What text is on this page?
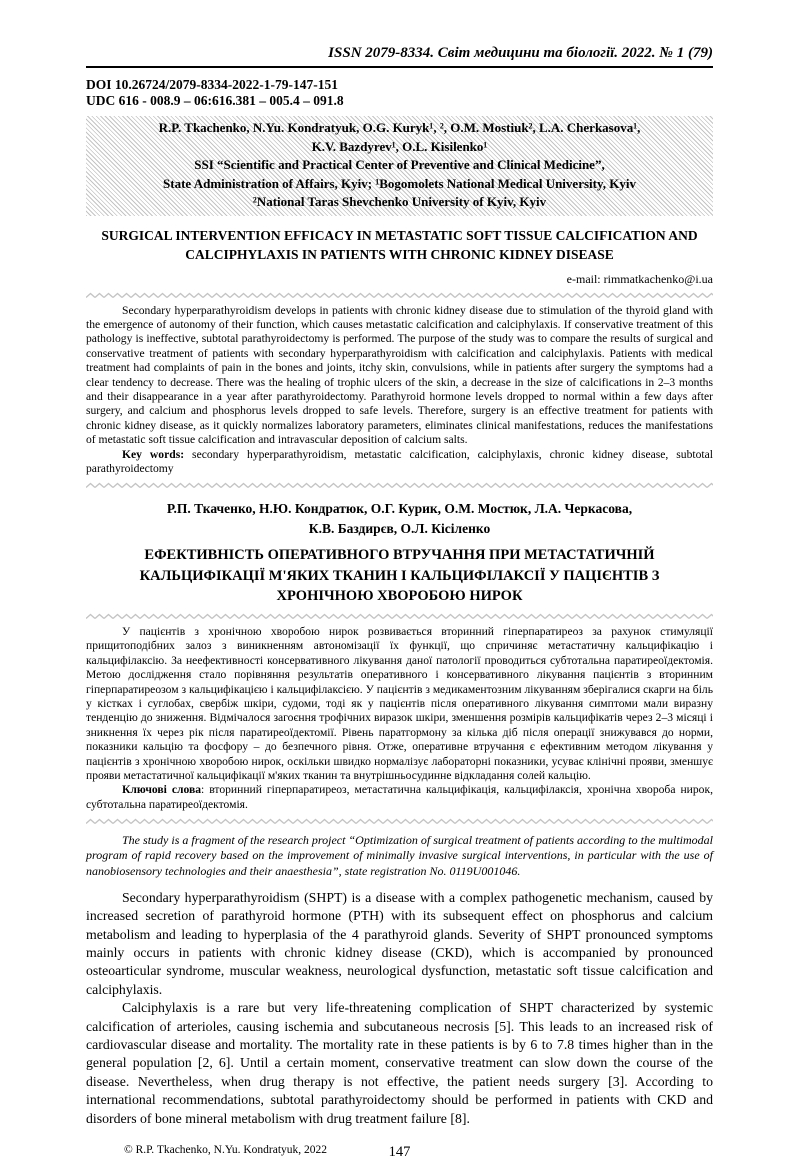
ISSN 2079-8334. Світ медицини та біології. 2022. № 1 (79)
DOI 10.26724/2079-8334-2022-1-79-147-151
UDC 616 - 008.9 – 06:616.381 – 005.4 – 091.8
R.P. Tkachenko, N.Yu. Kondratyuk, O.G. Kuryk¹, ², O.M. Mostiuk², L.A. Cherkasova¹,
K.V. Bazdyrev¹, O.L. Kisilenko¹
SSI “Scientific and Practical Center of Preventive and Clinical Medicine”,
State Administration of Affairs, Kyiv; ¹Bogomolets National Medical University, Kyiv
²National Taras Shevchenko University of Kyiv, Kyiv
SURGICAL INTERVENTION EFFICACY IN METASTATIC SOFT TISSUE CALCIFICATION AND CALCIPHYLAXIS IN PATIENTS WITH CHRONIC KIDNEY DISEASE
e-mail: rimmatkachenko@i.ua

Secondary hyperparathyroidism develops in patients with chronic kidney disease due to stimulation of the thyroid gland with the emergence of autonomy of their function, which causes metastatic calcification and calciphylaxis. If conservative treatment of this pathology is ineffective, subtotal parathyroidectomy is performed. The purpose of the study was to compare the results of surgical and conservative treatment of patients with secondary hyperparathyroidism with calcification and calciphylaxis. Patients with medical treatment had complaints of pain in the bones and joints, itchy skin, convulsions, while in patients after surgery the symptoms had a clear tendency to decrease. There was the healing of trophic ulcers of the skin, a decrease in the size of calcifications in 2–3 months and their disappearance in a year after parathyroidectomy. Parathyroid hormone levels dropped to normal within a few days after surgery, and calcium and phosphorus levels dropped to safe levels. Therefore, surgery is an effective treatment for patients with chronic kidney disease, as it quickly normalizes laboratory parameters, eliminates clinical manifestations, reduces the manifestations of metastatic soft tissue calcification and intravascular deposition of calcium salts.

Key words: secondary hyperparathyroidism, metastatic calcification, calciphylaxis, chronic kidney disease, subtotal parathyroidectomy

Р.П. Ткаченко, Н.Ю. Кондратюк, О.Г. Курик, О.М. Мостюк, Л.А. Черкасова,
К.В. Баздирєв, О.Л. Кісіленко
ЕФЕКТИВНІСТЬ ОПЕРАТИВНОГО ВТРУЧАННЯ ПРИ МЕТАСТАТИЧНІЙ КАЛЬЦИФІКАЦІЇ М'ЯКИХ ТКАНИН І КАЛЬЦИФІЛАКСІЇ У ПАЦІЄНТІВ З ХРОНІЧНОЮ ХВОРОБОЮ НИРОК

У пацієнтів з хронічною хворобою нирок розвивається вторинний гіперпаратиреоз за рахунок стимуляції прищитоподібних залоз з виникненням автономізації їх функції, що спричиняє метастатичну кальцифікацію і кальцифілаксію. За неефективності консервативного лікування даної патології проводиться субтотальна паратиреоїдектомія. Метою дослідження стало порівняння результатів оперативного і консервативного лікування пацієнтів з вторинним гіперпаратиреозом з кальцифікацією і кальцифілаксією. У пацієнтів з медикаментозним лікуванням зберігалися скарги на біль у кістках і суглобах, свербіж шкіри, судоми, тоді як у пацієнтів після оперативного лікування симптоми мали виразну тенденцію до зниження. Відмічалося загоєння трофічних виразок шкіри, зменшення розмірів кальцифікатів через 2–3 місяці і зникнення їх через рік після паратиреоїдектомії. Рівень паратгормону за кілька діб після операції знижувався до норми, показники кальцію та фосфору – до безпечного рівня. Отже, оперативне втручання є ефективним методом лікування у пацієнтів з хронічною хворобою нирок, оскільки швидко нормалізує лабораторні показники, усуває клінічні прояви, зменшує прояви метастатичної кальцифікації м'яких тканин та внутрішньосудинне відкладання солей кальцію.

Ключові слова: вторинний гіперпаратиреоз, метастатична кальцифікація, кальцифілаксія, хронічна хвороба нирок, субтотальна паратиреоїдектомія.

The study is a fragment of the research project “Optimization of surgical treatment of patients according to the multimodal program of rapid recovery based on the improvement of minimally invasive surgical interventions, in particular with the use of nanobiosensory technologies and their anaesthesia”, state registration No. 0119U001046.

Secondary hyperparathyroidism (SHPT) is a disease with a complex pathogenetic mechanism, caused by increased secretion of parathyroid hormone (PTH) with its subsequent effect on phosphorus and calcium metabolism and leading to hyperplasia of the 4 parathyroid glands. Severity of SHPT pronounced symptoms mainly occurs in patients with chronic kidney disease (CKD), which is accompanied by pronounced osteoarticular syndrome, muscular weakness, neurological dysfunction, metastatic soft tissue calcification and calciphylaxis.

Calciphylaxis is a rare but very life-threatening complication of SHPT characterized by systemic calcification of arterioles, causing ischemia and subcutaneous necrosis [5]. This leads to an increased risk of cardiovascular disease and mortality. The mortality rate in these patients is by 6 to 7.8 times higher than in the general population [2, 6]. Until a certain moment, conservative treatment can slow down the course of the disease. Nevertheless, when drug therapy is not effective, the patient needs surgery [3]. According to international recommendations, subtotal parathyroidectomy should be performed in patients with CKD and disorders of bone mineral metabolism with drug treatment failure [8].

© R.P. Tkachenko, N.Yu. Kondratyuk, 2022	147
